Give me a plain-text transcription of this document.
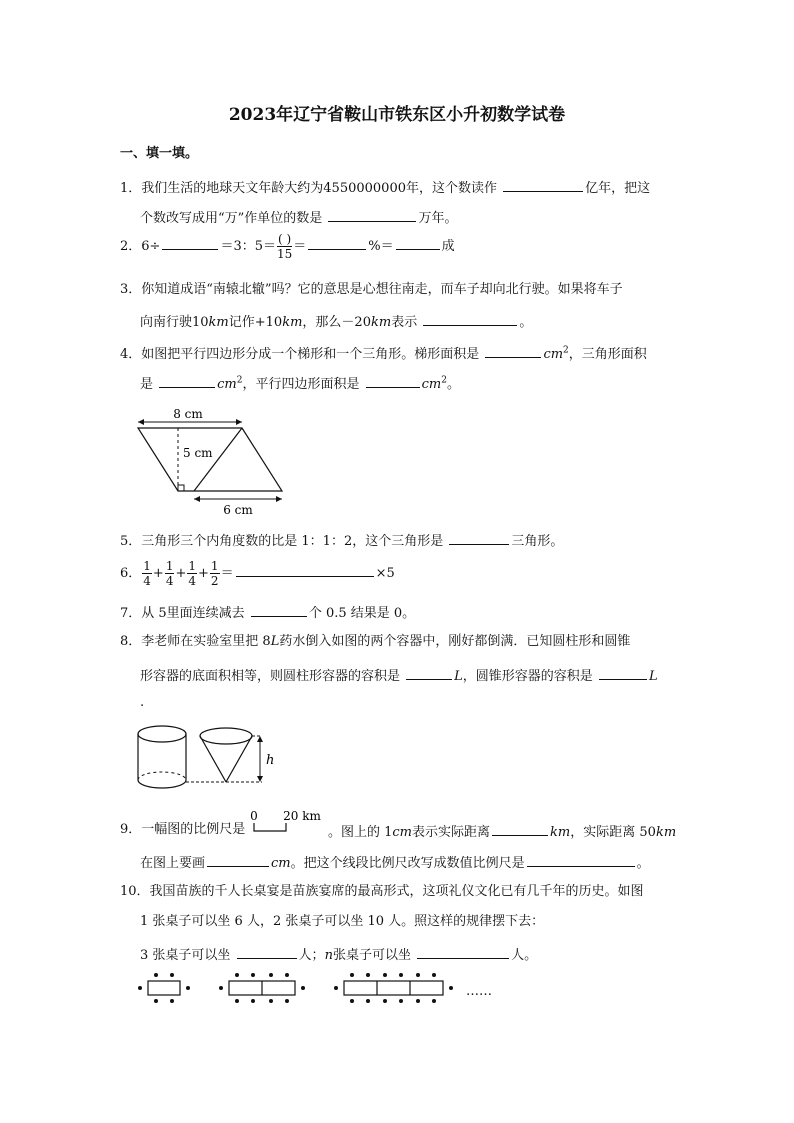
2023年辽宁省鞍山市铁东区小升初数学试卷
一、填一填。
1．我们生活的地球天文年龄大约为4550000000年，这个数读作	亿年，把这
个数改写成用“万”作单位的数是	万年。
2．6÷	＝3：$5= \frac{( )}{15}$ ＝	%＝	成
3．你知道成语“南辕北辙”吗？它的意思是心想往南走，而车子却向北行驶。如果将车子
向南行驶10km记作+10km，那么－20km表示	。
4．如图把平行四边形分成一个梯形和一个三角形。梯形面积是	$cm^2$，三角形面积
是	$cm^2$，平行四边形面积是	$cm^2$。
8 cm
5 cm
6 cm
5．三角形三个内角度数的比是 1：1：2，这个三角形是	三角形。
6． $\frac{1}{4} + \frac{1}{4} + \frac{1}{4} + \frac{1}{2}$ ＝	×5
7．从 5里面连续减去	个 0.5 结果是 0。
8．李老师在实验室里把 8L药水倒入如图的两个容器中，刚好都倒满．已知圆柱形和圆锥
形容器的底面积相等，则圆柱形容器的容积是	L，圆锥形容器的容积是	L
.
h
9．一幅图的比例尺是
0 20 km
。图上的 1cm表示实际距离	km，实际距离 50km
在图上要画	cm。把这个线段比例尺改写成数值比例尺是	。
10．我国苗族的千人长桌宴是苗族宴席的最高形式，这项礼仪文化已有几千年的历史。如图
1 张桌子可以坐 6 人，2 张桌子可以坐 10 人。照这样的规律摆下去：
3 张桌子可以坐	人；n张桌子可以坐	人。
……
